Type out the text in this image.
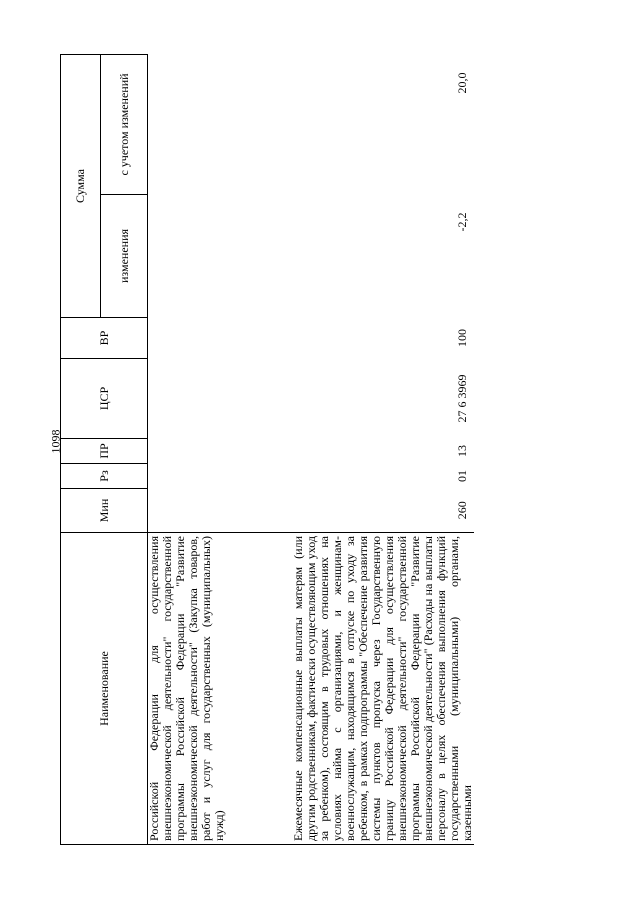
1098
Наименование	Мин	Рз	ПР	ЦСР	ВР	Сумма	
						изменения	с учетом изменений
Российской Федерации для осуществления внешнеэкономической деятельности" государственной программы Российской Федерации "Развитие внешнеэкономической деятельности" (Закупка товаров, работ и услуг для государственных (муниципальных) нужд)							
Ежемесячные компенсационные выплаты матерям (или другим родственникам, фактически осуществляющим уход за ребенком), состоящим в трудовых отношениях на условиях найма с организациями, и женщинам-военнослужащим, находящимся в отпуске по уходу за ребенком, в рамках подпрограммы "Обеспечение развития системы пунктов пропуска через Государственную границу Российской Федерации для осуществления внешнеэкономической деятельности" государственной программы Российской Федерации "Развитие внешнеэкономической деятельности" (Расходы на выплаты персоналу в целях обеспечения выполнения функций государственными (муниципальными) органами, казенными	260	01	13	27 6 3969	100	-2,2	20,0
